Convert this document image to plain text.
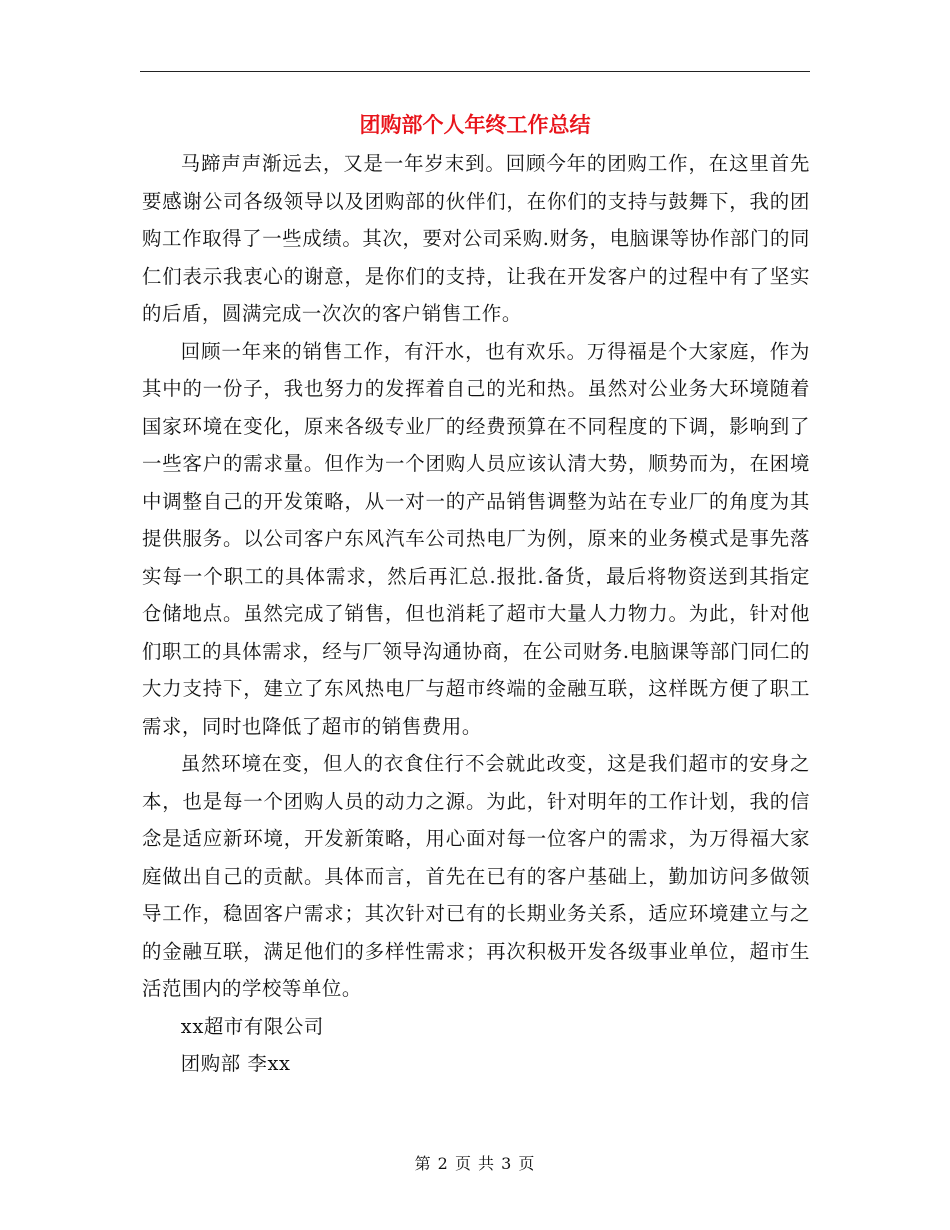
团购部个人年终工作总结

马蹄声声渐远去，又是一年岁末到。回顾今年的团购工作，在这里首先要感谢公司各级领导以及团购部的伙伴们，在你们的支持与鼓舞下，我的团购工作取得了一些成绩。其次，要对公司采购.财务，电脑课等协作部门的同仁们表示我衷心的谢意，是你们的支持，让我在开发客户的过程中有了坚实的后盾，圆满完成一次次的客户销售工作。

回顾一年来的销售工作，有汗水，也有欢乐。万得福是个大家庭，作为其中的一份子，我也努力的发挥着自己的光和热。虽然对公业务大环境随着国家环境在变化，原来各级专业厂的经费预算在不同程度的下调，影响到了一些客户的需求量。但作为一个团购人员应该认清大势，顺势而为，在困境中调整自己的开发策略，从一对一的产品销售调整为站在专业厂的角度为其提供服务。以公司客户东风汽车公司热电厂为例，原来的业务模式是事先落实每一个职工的具体需求，然后再汇总.报批.备货，最后将物资送到其指定仓储地点。虽然完成了销售，但也消耗了超市大量人力物力。为此，针对他们职工的具体需求，经与厂领导沟通协商，在公司财务.电脑课等部门同仁的大力支持下，建立了东风热电厂与超市终端的金融互联，这样既方便了职工需求，同时也降低了超市的销售费用。

虽然环境在变，但人的衣食住行不会就此改变，这是我们超市的安身之本，也是每一个团购人员的动力之源。为此，针对明年的工作计划，我的信念是适应新环境，开发新策略，用心面对每一位客户的需求，为万得福大家庭做出自己的贡献。具体而言，首先在已有的客户基础上，勤加访问多做领导工作，稳固客户需求；其次针对已有的长期业务关系，适应环境建立与之的金融互联，满足他们的多样性需求；再次积极开发各级事业单位，超市生活范围内的学校等单位。

xx超市有限公司

团购部 李xx

第 2 页 共 3 页
